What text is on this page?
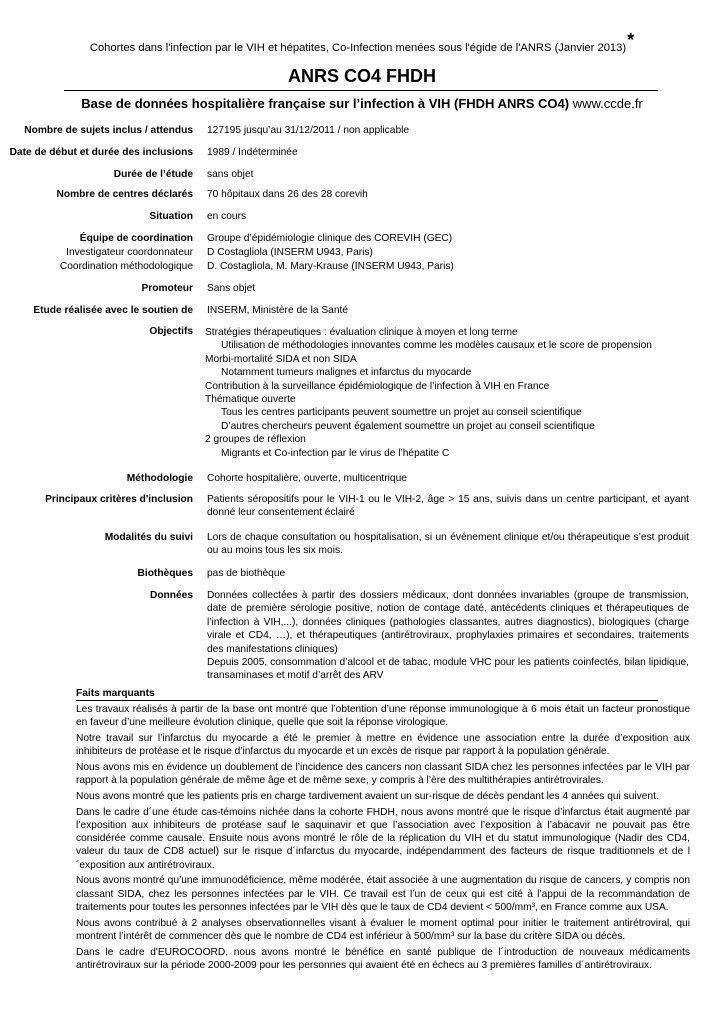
Cohortes dans l'infection par le VIH et hépatites, Co-Infection menées sous l'égide de l'ANRS (Janvier 2013)*
ANRS CO4 FHDH
Base de données hospitalière française sur l’infection à VIH (FHDH ANRS CO4) www.ccde.fr
Nombre de sujets inclus / attendus 127195 jusqu’au 31/12/2011 / non applicable
Date de début et durée des inclusions 1989 / Indéterminée
Durée de l’étude sans objet
Nombre de centres déclarés 70 hôpitaux dans 26 des 28 corevih
Situation en cours
Équipe de coordination Groupe d’épidémiologie clinique des COREVIH (GEC)
Investigateur coordonnateur D Costagliola (INSERM U943, Paris)
Coordination méthodologique D. Costagliola, M. Mary-Krause (INSERM U943, Paris)
Promoteur Sans objet
Etude réalisée avec le soutien de INSERM, Ministère de la Santé
Objectifs Stratégies thérapeutiques : évaluation clinique à moyen et long terme
Utilisation de méthodologies innovantes comme les modèles causaux et le score de propension
Morbi-mortalité SIDA et non SIDA
Notamment tumeurs malignes et infarctus du myocarde
Contribution à la surveillance épidémiologique de l’infection à VIH en France
Thématique ouverte
Tous les centres participants peuvent soumettre un projet au conseil scientifique
D’autres chercheurs peuvent également soumettre un projet au conseil scientifique
2 groupes de réflexion
Migrants et Co-infection par le virus de l’hépatite C
Méthodologie Cohorte hospitalière, ouverte, multicentrique
Principaux critères d'inclusion Patients séropositifs pour le VIH-1 ou le VIH-2, âge > 15 ans, suivis dans un centre participant, et ayant donné leur consentement éclairé
Modalités du suivi Lors de chaque consultation ou hospitalisation, si un événement clinique et/ou thérapeutique s’est produit ou au moins tous les six mois.
Biothèques pas de biothèque
Données Données collectées à partir des dossiers médicaux, dont données invariables (groupe de transmission, date de première sérologie positive, notion de contage daté, antécédents cliniques et thérapeutiques de l’infection à VIH,...), données cliniques (pathologies classantes, autres diagnostics), biologiques (charge virale et CD4, …), et thérapeutiques (antirétroviraux, prophylaxies primaires et secondaires, traitements des manifestations cliniques)
Depuis 2005, consommation d’alcool et de tabac, module VHC pour les patients coinfectés, bilan lipidique, transaminases et motif d’arrêt des ARV
Faits marquants

Les travaux réalisés à partir de la base ont montré que l’obtention d’une réponse immunologique à 6 mois était un facteur pronostique en faveur d’une meilleure évolution clinique, quelle que soit la réponse virologique.

Notre travail sur l’infarctus du myocarde a été le premier à mettre en évidence une association entre la durée d’exposition aux inhibiteurs de protéase et le risque d’infarctus du myocarde et un excès de risque par rapport à la population générale.

Nous avons mis en évidence un doublement de l’incidence des cancers non classant SIDA chez les personnes infectées par le VIH par rapport à la population générale de même âge et de même sexe, y compris à l’ère des multithérapies antirétrovirales.

Nous avons montré que les patients pris en charge tardivement avaient un sur-risque de décès pendant les 4 années qui suivent.

Dans le cadre d´une étude cas-témoins nichée dans la cohorte FHDH, nous avons montré que le risque d’infarctus était augmenté par l’exposition aux inhibiteurs de protéase sauf le saquinavir et que l’association avec l’exposition à l’abacavir ne pouvait pas être considérée comme causale. Ensuite nous avons montré le rôle de la réplication du VIH et du statut immunologique (Nadir des CD4, valeur du taux de CD8 actuel) sur le risque d´infarctus du myocarde, indépendamment des facteurs de risque traditionnels et de l´exposition aux antirétroviraux.

Nous avons montré qu’une immunodéficience, même modérée, était associée à une augmentation du risque de cancers, y compris non classant SIDA, chez les personnes infectées par le VIH. Ce travail est l’un de ceux qui est cité à l’appui de la recommandation de traitements pour toutes les personnes infectées par le VIH dès que le taux de CD4 devient < 500/mm³, en France comme aux USA.

Nous avons contribué à 2 analyses observationnelles visant à évaluer le moment optimal pour initier le traitement antirétroviral, qui montrent l’intérêt de commencer dès que le nombre de CD4 est inférieur à 500/mm³ sur la base du critère SIDA ou décès.

Dans le cadre d'EUROCOORD, nous avons montré le bénéfice en santé publique de l´introduction de nouveaux médicaments antirétroviraux sur la période 2000-2009 pour les personnes qui avaient été en échecs au 3 premières familles d´antirétroviraux.
